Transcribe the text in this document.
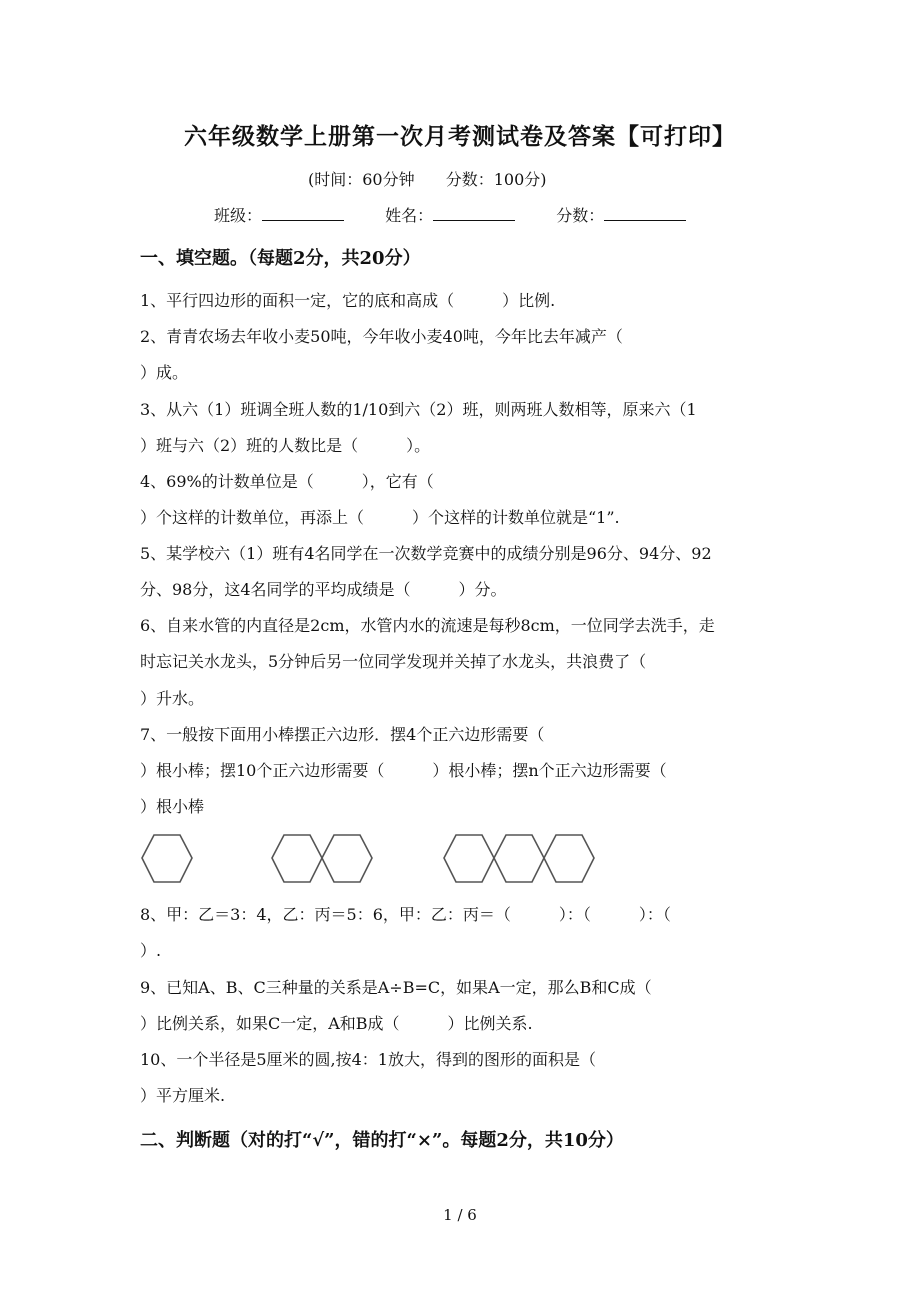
六年级数学上册第一次月考测试卷及答案【可打印】
(时间：60分钟 分数：100分)
班级：	姓名：	分数：
一、填空题。（每题2分，共20分）
1、平行四边形的面积一定，它的底和高成（　　　）比例.
2、青青农场去年收小麦50吨，今年收小麦40吨，今年比去年减产（
）成。
3、从六（1）班调全班人数的1/10到六（2）班，则两班人数相等，原来六（1
）班与六（2）班的人数比是（　　　）。
4、69%的计数单位是（　　　），它有（
）个这样的计数单位，再添上（　　　）个这样的计数单位就是“1”.
5、某学校六（1）班有4名同学在一次数学竞赛中的成绩分别是96分、94分、92
分、98分，这4名同学的平均成绩是（　　　）分。
6、自来水管的内直径是2cm，水管内水的流速是每秒8cm，一位同学去洗手，走
时忘记关水龙头，5分钟后另一位同学发现并关掉了水龙头，共浪费了（
）升水。
7、一般按下面用小棒摆正六边形．摆4个正六边形需要（
）根小棒；摆10个正六边形需要（　　　）根小棒；摆n个正六边形需要（
）根小棒
8、甲：乙＝3：4，乙：丙＝5：6，甲：乙：丙＝（　　　）：（　　　）：（
）.
9、已知A、B、C三种量的关系是A÷B=C，如果A一定，那么B和C成（
）比例关系，如果C一定，A和B成（　　　）比例关系.
10、一个半径是5厘米的圆,按4：1放大，得到的图形的面积是（
）平方厘米.
二、判断题（对的打“√”，错的打“×”。每题2分，共10分）
1 / 6
